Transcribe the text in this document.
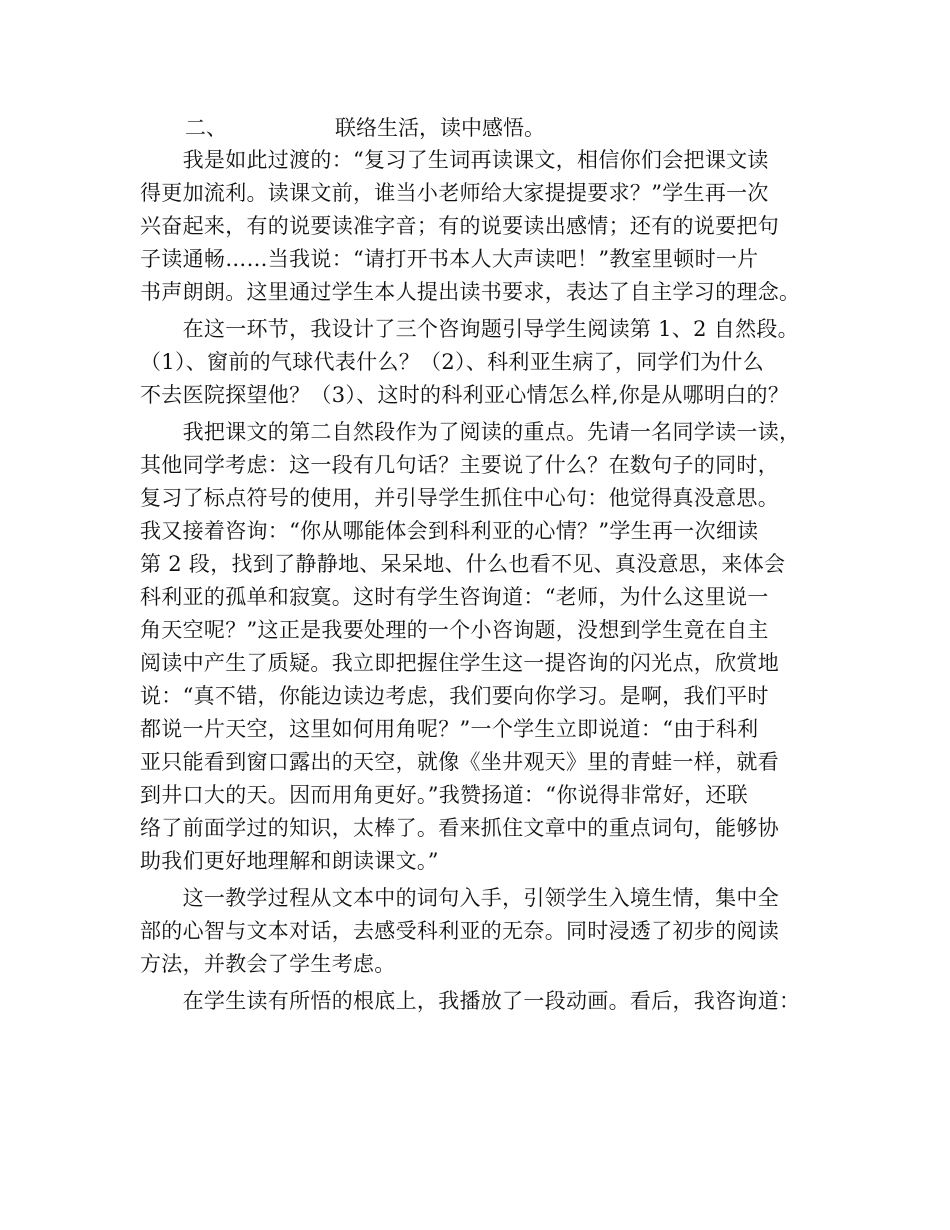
二、	联络生活，读中感悟。
　　我是如此过渡的：“复习了生词再读课文，相信你们会把课文读
得更加流利。读课文前，谁当小老师给大家提提要求？”学生再一次
兴奋起来，有的说要读准字音；有的说要读出感情；还有的说要把句
子读通畅……当我说：“请打开书本人大声读吧！”教室里顿时一片
书声朗朗。这里通过学生本人提出读书要求，表达了自主学习的理念。
　　在这一环节，我设计了三个咨询题引导学生阅读第 1、2 自然段。
（1）、窗前的气球代表什么？（2）、科利亚生病了，同学们为什么
不去医院探望他？（3）、这时的科利亚心情怎么样,你是从哪明白的？
　　我把课文的第二自然段作为了阅读的重点。先请一名同学读一读，
其他同学考虑：这一段有几句话？主要说了什么？在数句子的同时，
复习了标点符号的使用，并引导学生抓住中心句：他觉得真没意思。
我又接着咨询：“你从哪能体会到科利亚的心情？”学生再一次细读
第 2 段，找到了静静地、呆呆地、什么也看不见、真没意思，来体会
科利亚的孤单和寂寞。这时有学生咨询道：“老师，为什么这里说一
角天空呢？”这正是我要处理的一个小咨询题，没想到学生竟在自主
阅读中产生了质疑。我立即把握住学生这一提咨询的闪光点，欣赏地
说：“真不错，你能边读边考虑，我们要向你学习。是啊，我们平时
都说一片天空，这里如何用角呢？”一个学生立即说道：“由于科利
亚只能看到窗口露出的天空，就像《坐井观天》里的青蛙一样，就看
到井口大的天。因而用角更好。”我赞扬道：“你说得非常好，还联
络了前面学过的知识，太棒了。看来抓住文章中的重点词句，能够协
助我们更好地理解和朗读课文。”
　　这一教学过程从文本中的词句入手，引领学生入境生情，集中全
部的心智与文本对话，去感受科利亚的无奈。同时浸透了初步的阅读
方法，并教会了学生考虑。
　　在学生读有所悟的根底上，我播放了一段动画。看后，我咨询道：
